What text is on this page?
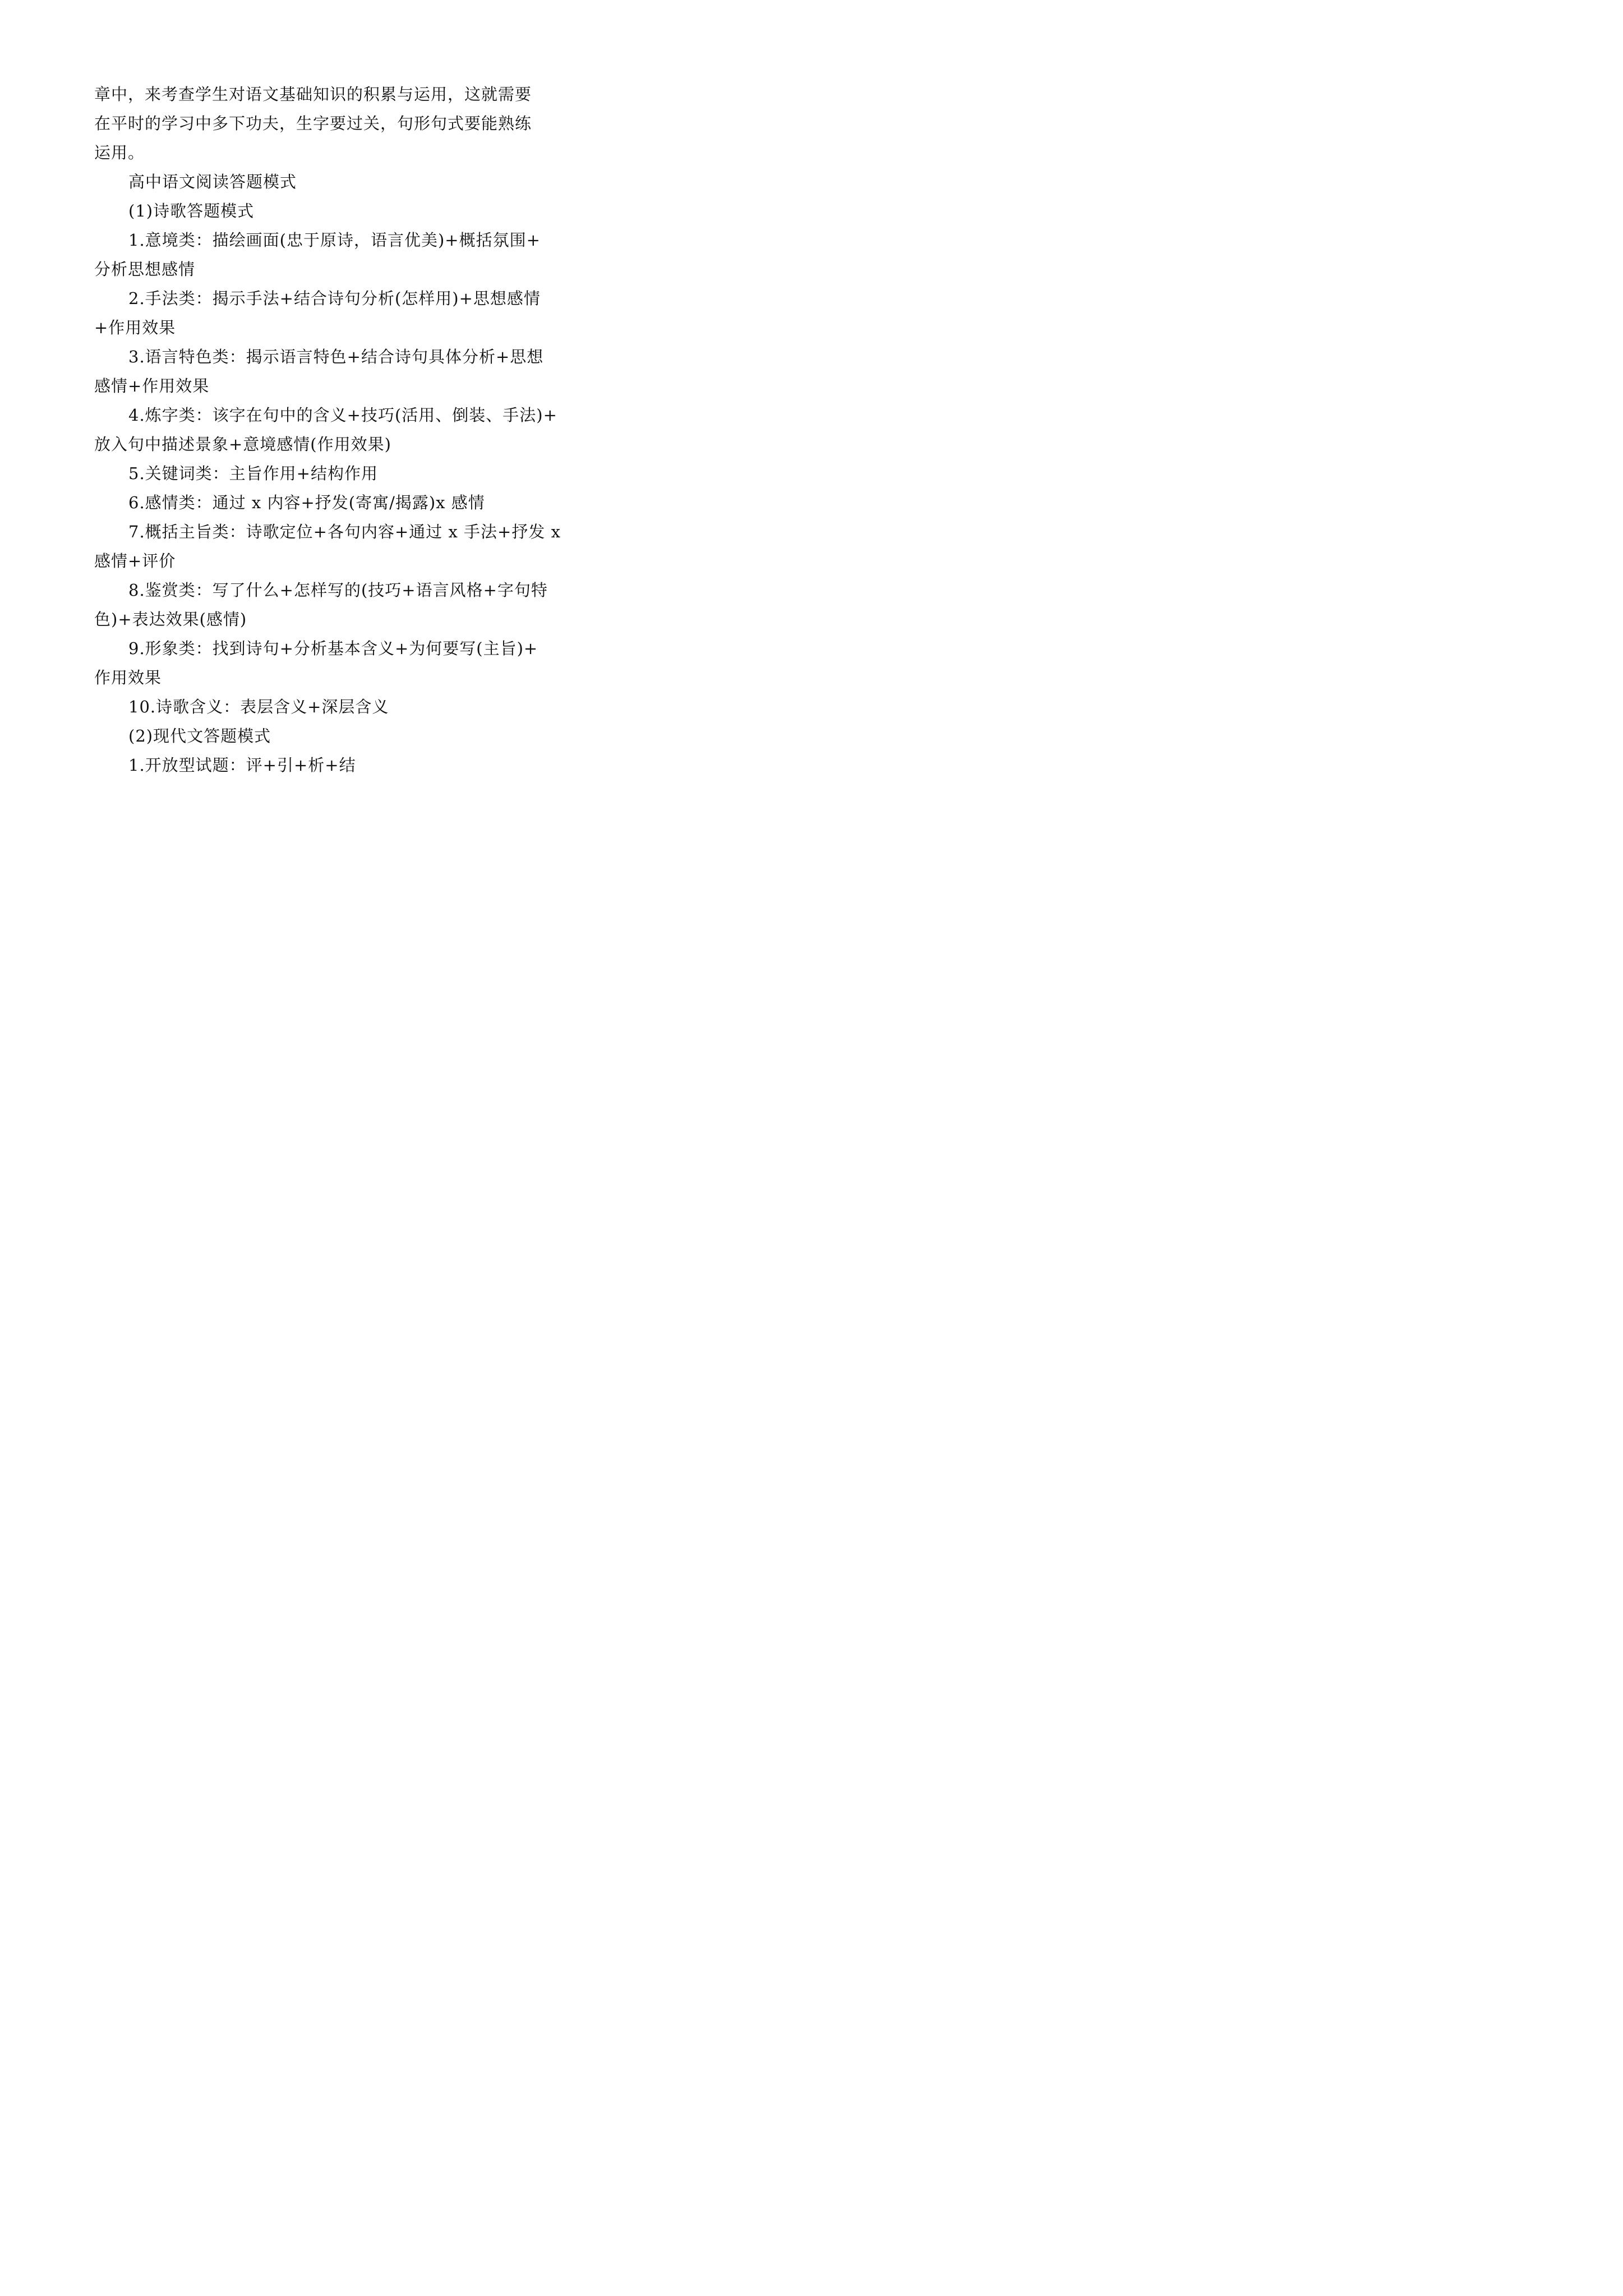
章中，来考查学生对语文基础知识的积累与运用，这就需要
在平时的学习中多下功夫，生字要过关，句形句式要能熟练
运用。
高中语文阅读答题模式
(1)诗歌答题模式
1.意境类：描绘画面(忠于原诗，语言优美)+概括氛围+
分析思想感情
2.手法类：揭示手法+结合诗句分析(怎样用)+思想感情
+作用效果
3.语言特色类：揭示语言特色+结合诗句具体分析+思想
感情+作用效果
4.炼字类：该字在句中的含义+技巧(活用、倒装、手法)+
放入句中描述景象+意境感情(作用效果)
5.关键词类：主旨作用+结构作用
6.感情类：通过 x 内容+抒发(寄寓/揭露)x 感情
7.概括主旨类：诗歌定位+各句内容+通过 x 手法+抒发 x
感情+评价
8.鉴赏类：写了什么+怎样写的(技巧+语言风格+字句特
色)+表达效果(感情)
9.形象类：找到诗句+分析基本含义+为何要写(主旨)+
作用效果
10.诗歌含义：表层含义+深层含义
(2)现代文答题模式
1.开放型试题：评+引+析+结
